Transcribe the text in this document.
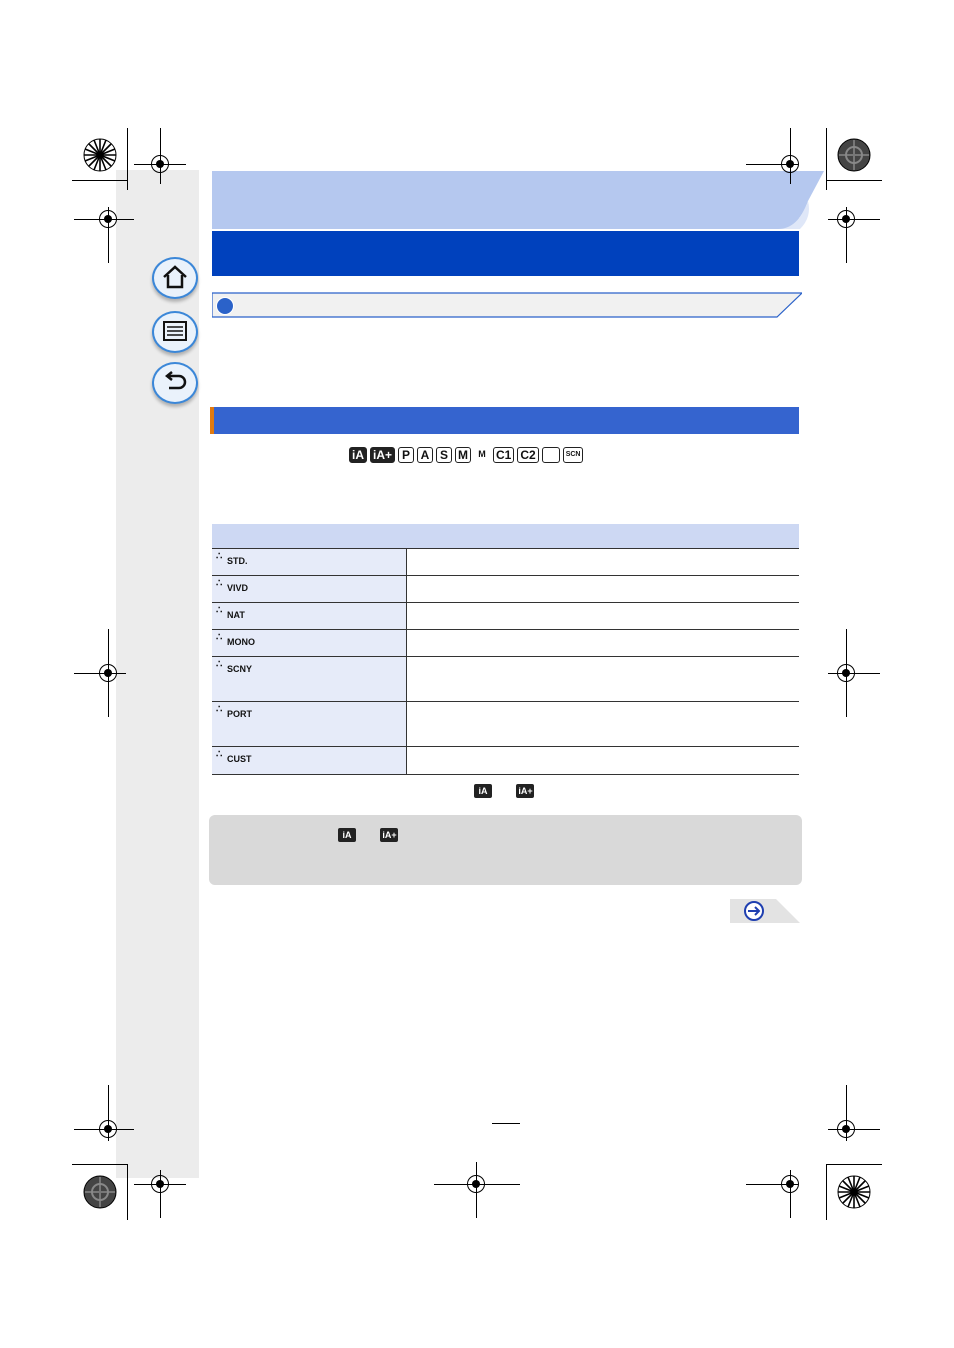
iA iA+ P A S M	M C1 C2	SCN

∴ STD.	
∴ VIVD	
∴ NAT	
∴ MONO	
∴ SCNY	
∴ PORT	
∴ CUST	
iA	iA+
iA	iA+
